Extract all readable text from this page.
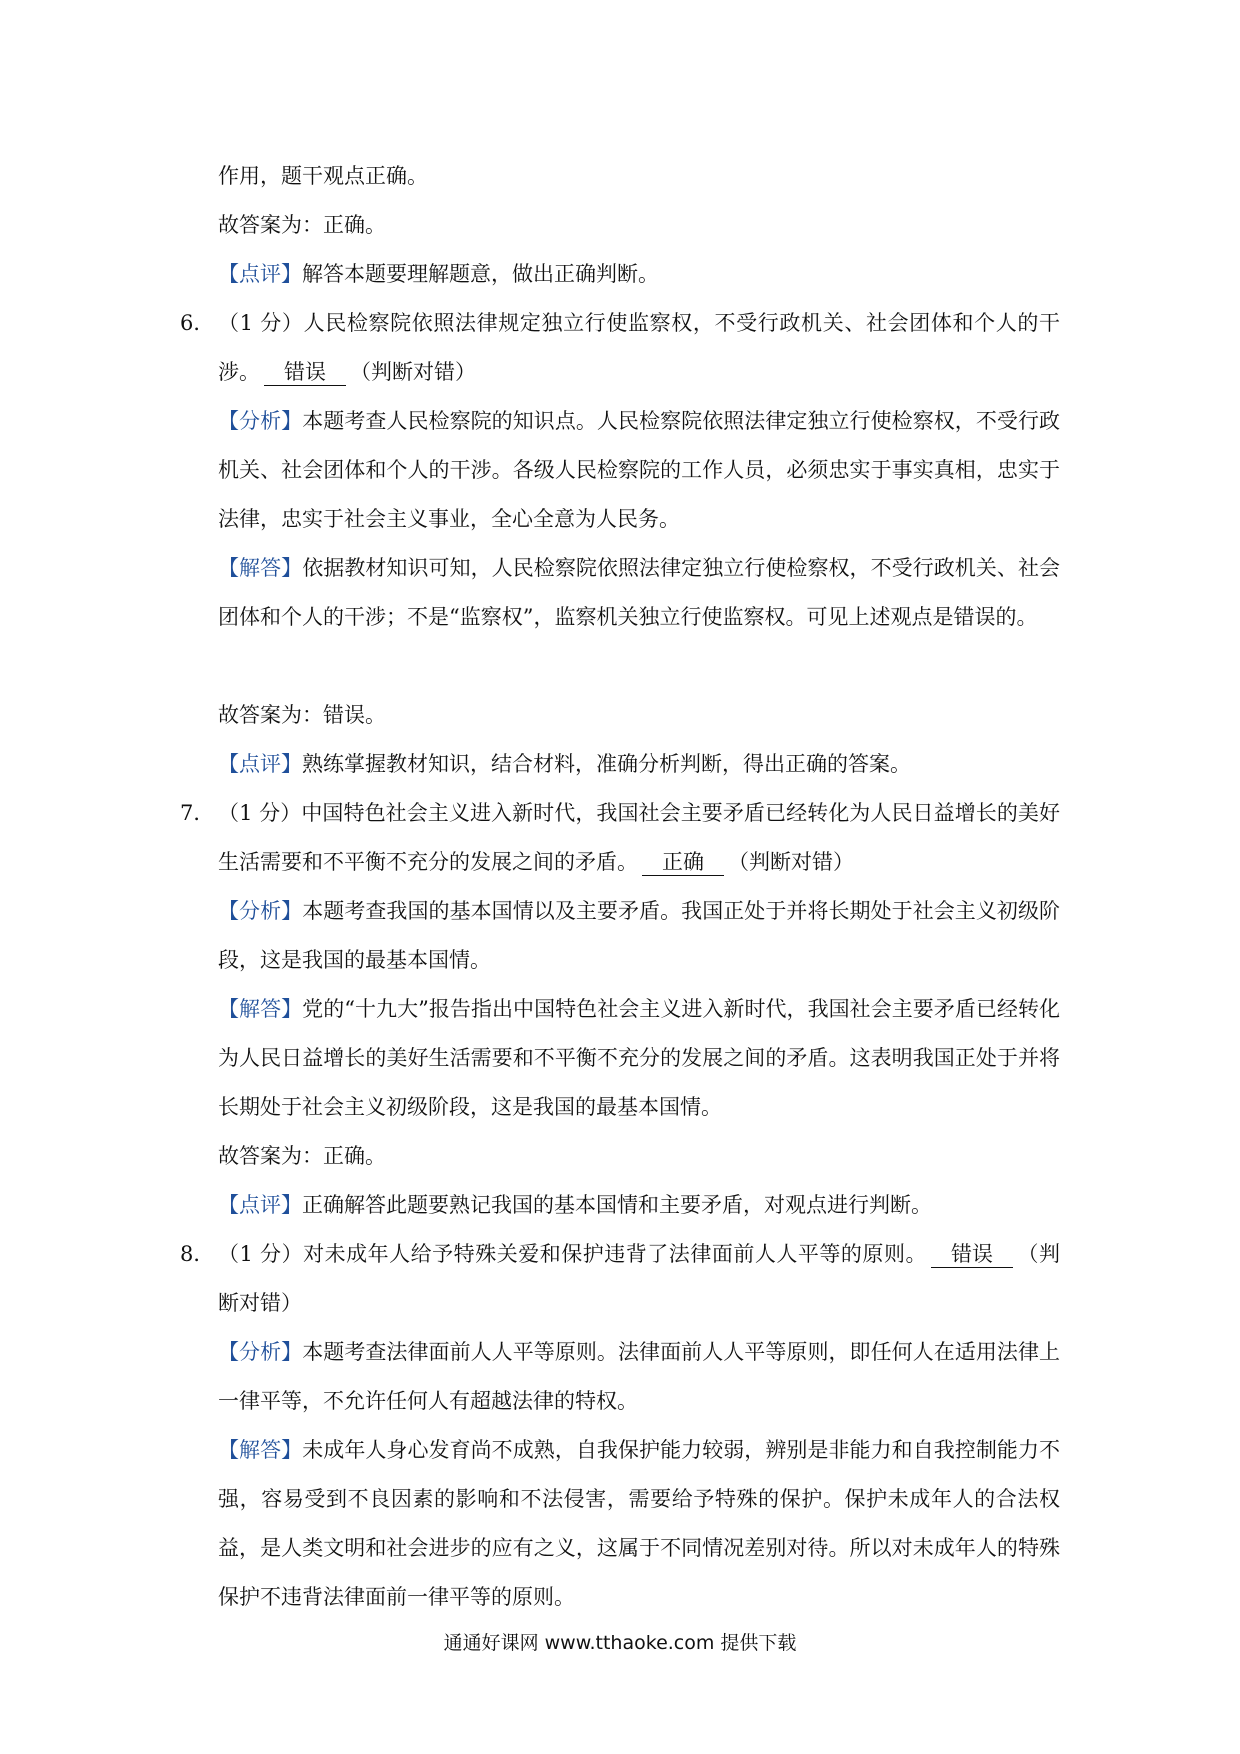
作用，题干观点正确。

故答案为：正确。

【点评】解答本题要理解题意，做出正确判断。

6． （1 分）人民检察院依照法律规定独立行使监察权，不受行政机关、社会团体和个人的干涉。 错误 （判断对错）

【分析】本题考查人民检察院的知识点。人民检察院依照法律定独立行使检察权，不受行政机关、社会团体和个人的干涉。各级人民检察院的工作人员，必须忠实于事实真相，忠实于法律，忠实于社会主义事业，全心全意为人民务。

【解答】依据教材知识可知，人民检察院依照法律定独立行使检察权，不受行政机关、社会团体和个人的干涉；不是“监察权”，监察机关独立行使监察权。可见上述观点是错误的。

故答案为：错误。

【点评】熟练掌握教材知识，结合材料，准确分析判断，得出正确的答案。

7． （1 分）中国特色社会主义进入新时代，我国社会主要矛盾已经转化为人民日益增长的美好生活需要和不平衡不充分的发展之间的矛盾。 正确 （判断对错）

【分析】本题考查我国的基本国情以及主要矛盾。我国正处于并将长期处于社会主义初级阶段，这是我国的最基本国情。

【解答】党的“十九大”报告指出中国特色社会主义进入新时代，我国社会主要矛盾已经转化为人民日益增长的美好生活需要和不平衡不充分的发展之间的矛盾。这表明我国正处于并将长期处于社会主义初级阶段，这是我国的最基本国情。

故答案为：正确。

【点评】正确解答此题要熟记我国的基本国情和主要矛盾，对观点进行判断。

8． （1 分）对未成年人给予特殊关爱和保护违背了法律面前人人平等的原则。 错误 （判断对错）

【分析】本题考查法律面前人人平等原则。法律面前人人平等原则，即任何人在适用法律上一律平等，不允许任何人有超越法律的特权。

【解答】未成年人身心发育尚不成熟，自我保护能力较弱，辨别是非能力和自我控制能力不强，容易受到不良因素的影响和不法侵害，需要给予特殊的保护。保护未成年人的合法权益，是人类文明和社会进步的应有之义，这属于不同情况差别对待。所以对未成年人的特殊保护不违背法律面前一律平等的原则。

通通好课网 www.tthaoke.com 提供下载
